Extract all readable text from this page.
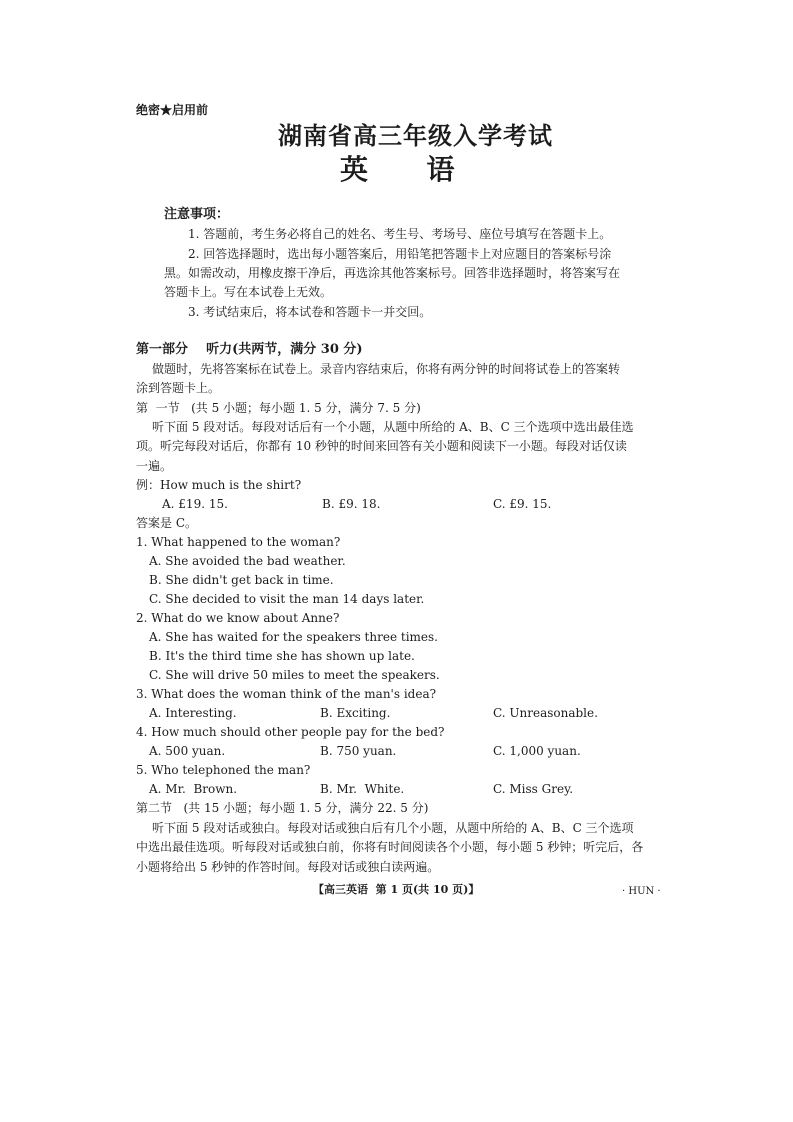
绝密★启用前
湖南省高三年级入学考试
英      语
注意事项：
1. 答题前，考生务必将自己的姓名、考生号、考场号、座位号填写在答题卡上。
2. 回答选择题时，选出每小题答案后，用铅笔把答题卡上对应题目的答案标号涂
黑。如需改动，用橡皮擦干净后，再选涂其他答案标号。回答非选择题时，将答案写在
答题卡上。写在本试卷上无效。
3. 考试结束后，将本试卷和答题卡一并交回。
第一部分    听力(共两节，满分 30 分)
做题时，先将答案标在试卷上。录音内容结束后，你将有两分钟的时间将试卷上的答案转
涂到答题卡上。
第  一节   (共 5 小题；每小题 1. 5 分，满分 7. 5 分)
听下面 5 段对话。每段对话后有一个小题，从题中所给的 A、B、C 三个选项中选出最佳选
项。听完每段对话后，你都有 10 秒钟的时间来回答有关小题和阅读下一小题。每段对话仅读
一遍。
例：How much is the shirt?
A. £19. 15.	B. £9. 18.	C. £9. 15.
答案是 C。
1. What happened to the woman?
A. She avoided the bad weather.
B. She didn't get back in time.
C. She decided to visit the man 14 days later.
2. What do we know about Anne?
A. She has waited for the speakers three times.
B. It's the third time she has shown up late.
C. She will drive 50 miles to meet the speakers.
3. What does the woman think of the man's idea?
A. Interesting.	B. Exciting.	C. Unreasonable.
4. How much should other people pay for the bed?
A. 500 yuan.	B. 750 yuan.	C. 1,000 yuan.
5. Who telephoned the man?
A. Mr.  Brown.	B. Mr.  White.	C. Miss Grey.
第二节   (共 15 小题；每小题 1. 5 分，满分 22. 5 分)
听下面 5 段对话或独白。每段对话或独白后有几个小题，从题中所给的 A、B、C 三个选项
中选出最佳选项。听每段对话或独白前，你将有时间阅读各个小题，每小题 5 秒钟；听完后，各
小题将给出 5 秒钟的作答时间。每段对话或独白读两遍。
【高三英语  第 1 页(共 10 页)】	· HUN ·
